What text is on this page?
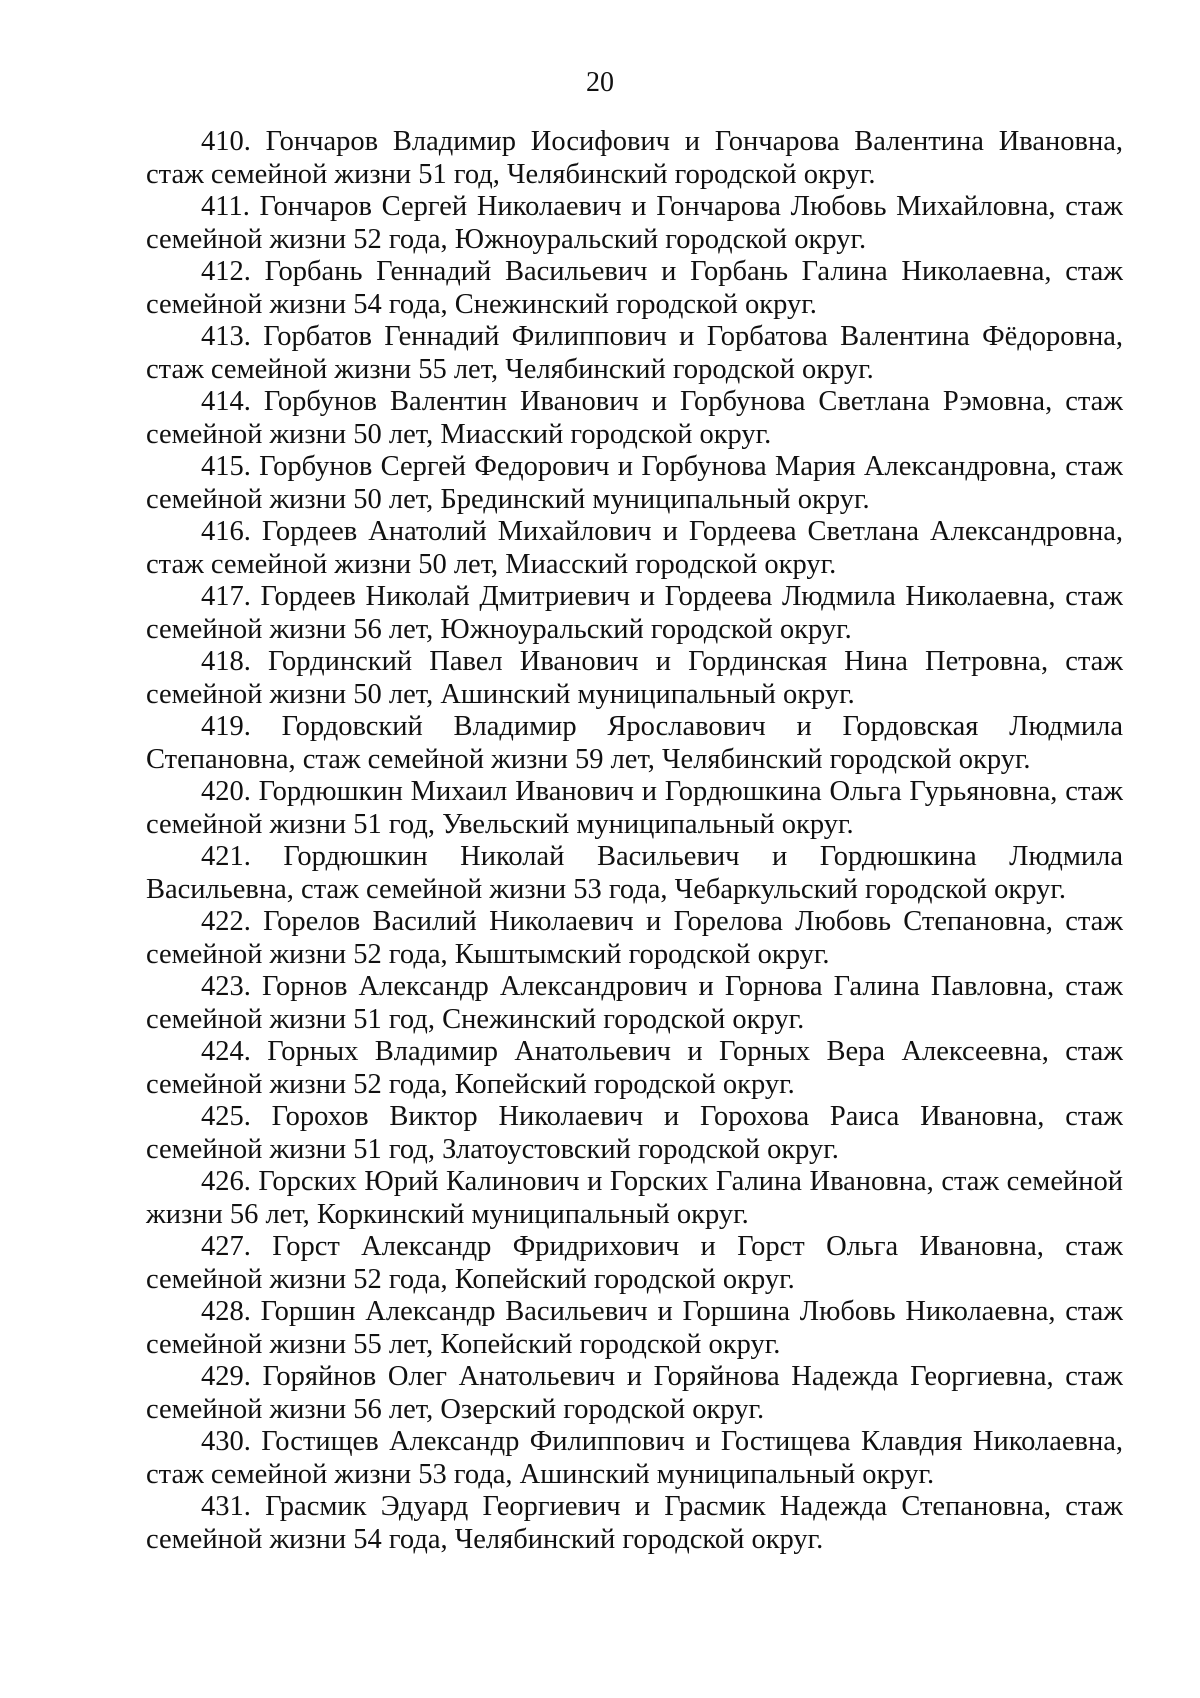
20

410. Гончаров Владимир Иосифович и Гончарова Валентина Ивановна, стаж семейной жизни 51 год, Челябинский городской округ.

411. Гончаров Сергей Николаевич и Гончарова Любовь Михайловна, стаж семейной жизни 52 года, Южноуральский городской округ.

412. Горбань Геннадий Васильевич и Горбань Галина Николаевна, стаж семейной жизни 54 года, Снежинский городской округ.

413. Горбатов Геннадий Филиппович и Горбатова Валентина Фёдоровна, стаж семейной жизни 55 лет, Челябинский городской округ.

414. Горбунов Валентин Иванович и Горбунова Светлана Рэмовна, стаж семейной жизни 50 лет, Миасский городской округ.

415. Горбунов Сергей Федорович и Горбунова Мария Александровна, стаж семейной жизни 50 лет, Брединский муниципальный округ.

416. Гордеев Анатолий Михайлович и Гордеева Светлана Александровна, стаж семейной жизни 50 лет, Миасский городской округ.

417. Гордеев Николай Дмитриевич и Гордеева Людмила Николаевна, стаж семейной жизни 56 лет, Южноуральский городской округ.

418. Гординский Павел Иванович и Гординская Нина Петровна, стаж семейной жизни 50 лет, Ашинский муниципальный округ.

419. Гордовский Владимир Ярославович и Гордовская Людмила Степановна, стаж семейной жизни 59 лет, Челябинский городской округ.

420. Гордюшкин Михаил Иванович и Гордюшкина Ольга Гурьяновна, стаж семейной жизни 51 год, Увельский муниципальный округ.

421. Гордюшкин Николай Васильевич и Гордюшкина Людмила Васильевна, стаж семейной жизни 53 года, Чебаркульский городской округ.

422. Горелов Василий Николаевич и Горелова Любовь Степановна, стаж семейной жизни 52 года, Кыштымский городской округ.

423. Горнов Александр Александрович и Горнова Галина Павловна, стаж семейной жизни 51 год, Снежинский городской округ.

424. Горных Владимир Анатольевич и Горных Вера Алексеевна, стаж семейной жизни 52 года, Копейский городской округ.

425. Горохов Виктор Николаевич и Горохова Раиса Ивановна, стаж семейной жизни 51 год, Златоустовский городской округ.

426. Горских Юрий Калинович и Горских Галина Ивановна, стаж семейной жизни 56 лет, Коркинский муниципальный округ.

427. Горст Александр Фридрихович и Горст Ольга Ивановна, стаж семейной жизни 52 года, Копейский городской округ.

428. Горшин Александр Васильевич и Горшина Любовь Николаевна, стаж семейной жизни 55 лет, Копейский городской округ.

429. Горяйнов Олег Анатольевич и Горяйнова Надежда Георгиевна, стаж семейной жизни 56 лет, Озерский городской округ.

430. Гостищев Александр Филиппович и Гостищева Клавдия Николаевна, стаж семейной жизни 53 года, Ашинский муниципальный округ.

431. Грасмик Эдуард Георгиевич и Грасмик Надежда Степановна, стаж семейной жизни 54 года, Челябинский городской округ.
